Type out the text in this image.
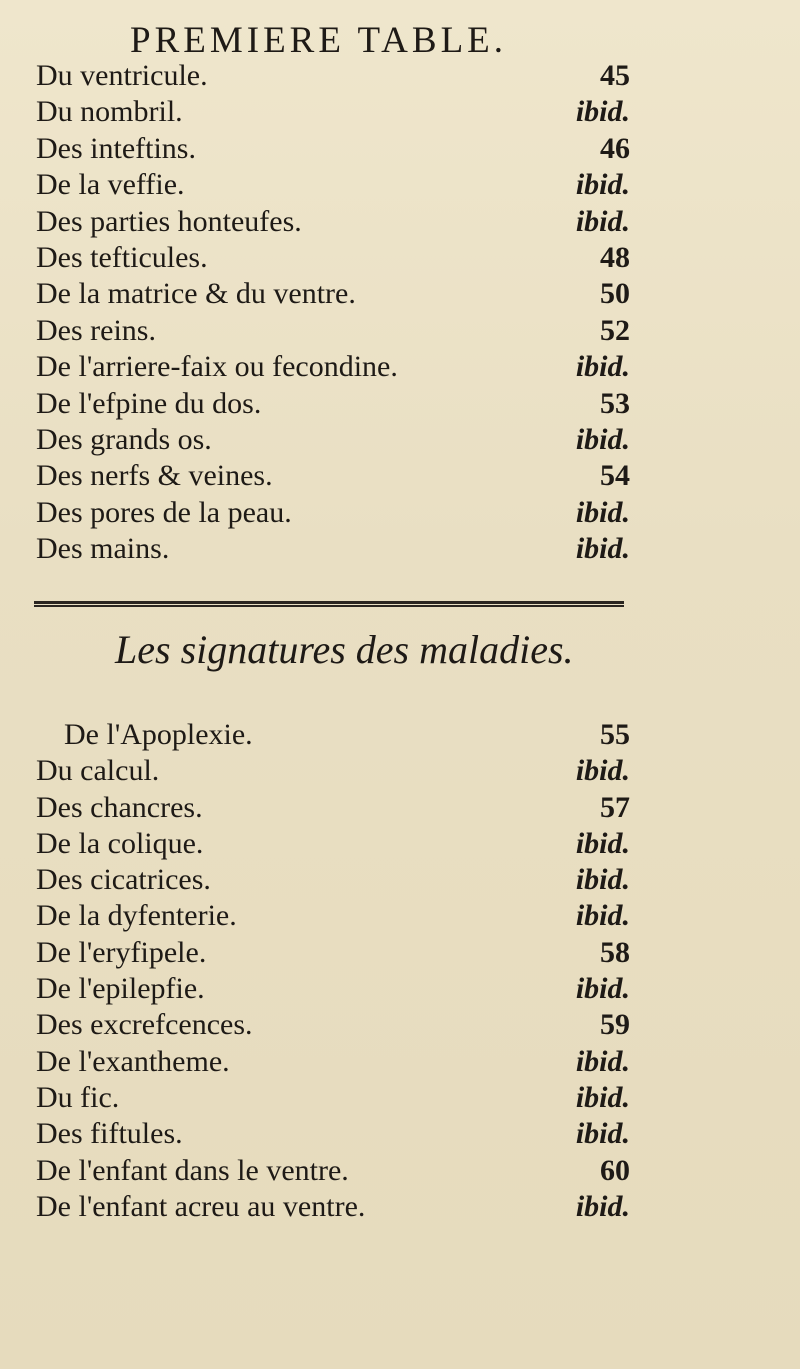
PREMIERE TABLE.
Du ventricule.	45
Du nombril.	ibid.
Des inteftins.	46
De la veffie.	ibid.
Des parties honteufes.	ibid.
Des tefticules.	48
De la matrice & du ventre.	50
Des reins.	52
De l'arriere-faix ou fecondine.	ibid.
De l'efpine du dos.	53
Des grands os.	ibid.
Des nerfs & veines.	54
Des pores de la peau.	ibid.
Des mains.	ibid.
Les signatures des maladies.
De l'Apoplexie.	55
Du calcul.	ibid.
Des chancres.	57
De la colique.	ibid.
Des cicatrices.	ibid.
De la dyfenterie.	ibid.
De l'eryfipele.	58
De l'epilepfie.	ibid.
Des excrefcences.	59
De l'exantheme.	ibid.
Du fic.	ibid.
Des fiftules.	ibid.
De l'enfant dans le ventre.	60
De l'enfant acreu au ventre.	ibid.
